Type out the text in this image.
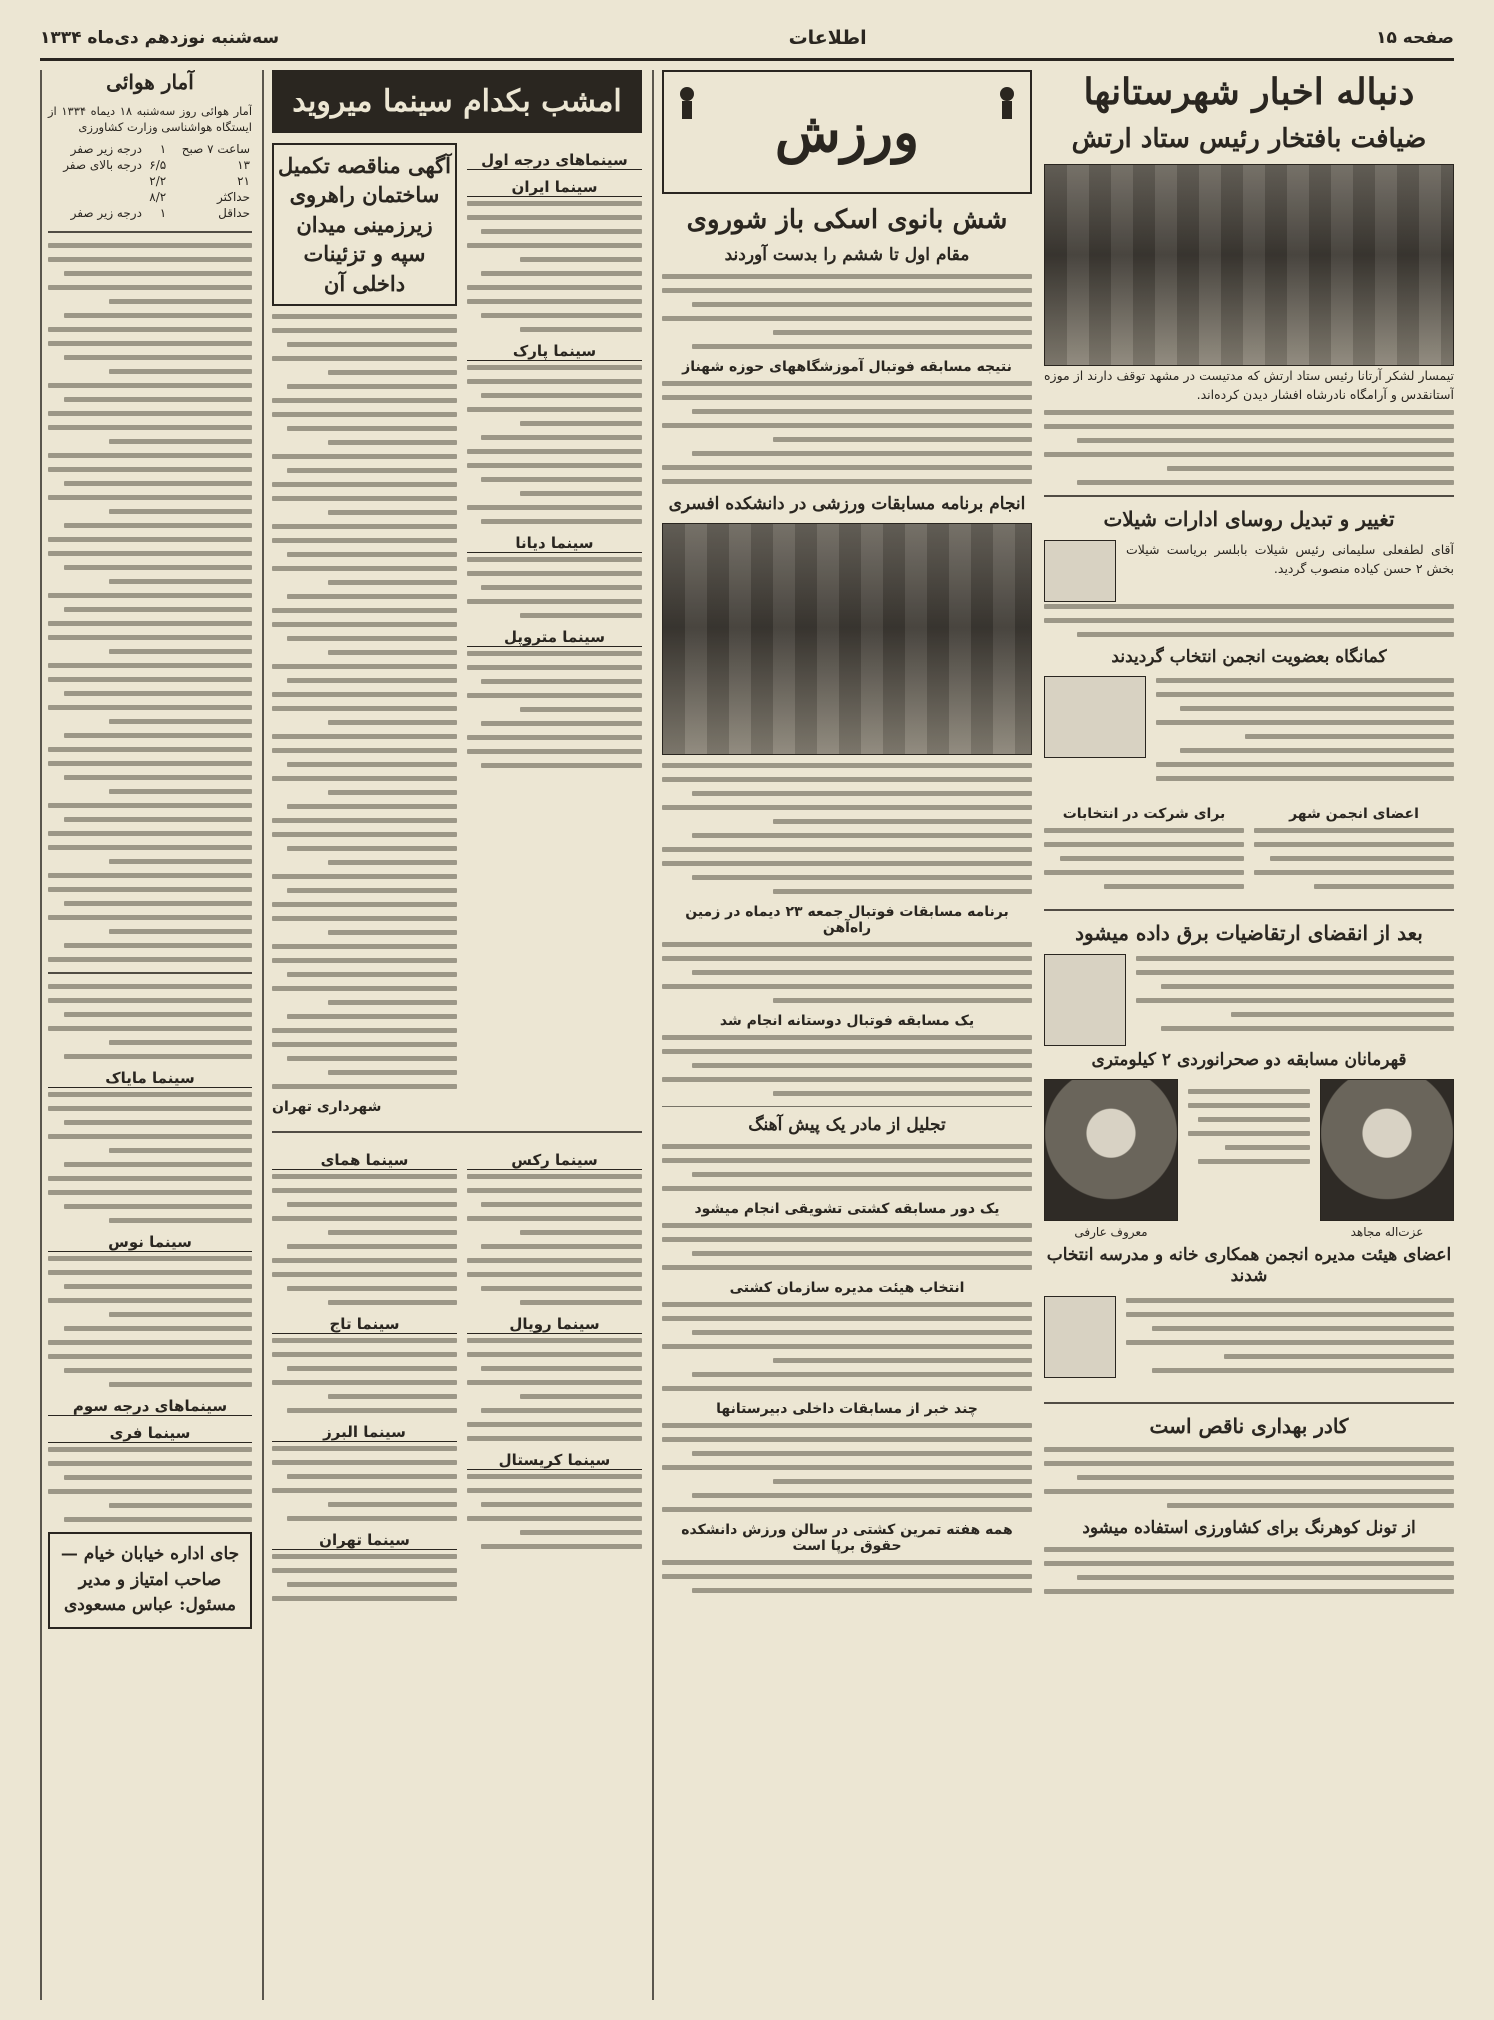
صفحه ۱۵
اطلاعات
سه‌شنبه نوزدهم دی‌ماه ۱۳۳۴
دنباله اخبار شهرستانها
ضیافت بافتخار رئیس ستاد ارتش

تیمسار لشکر آرتانا رئیس ستاد ارتش که مدتیست در مشهد توقف دارند از موزه آستانقدس و آرامگاه نادرشاه افشار دیدن کرده‌اند.

تغییر و تبدیل روسای ادارات شیلات

آقای لطفعلی سلیمانی رئیس شیلات بابلسر بریاست شیلات بخش ۲ حسن کیاده منصوب گردید.

کمانگاه بعضویت انجمن انتخاب گردیدند
اعضای انجمن شهر
برای شرکت در انتخابات
بعد از انقضای ارتقاضیات برق داده میشود
قهرمانان مسابقه دو صحرانوردی ۲ کیلومتری
عزت‌اله مجاهد
معروف عارفی
اعضای هیئت مدیره انجمن همکاری خانه و مدرسه انتخاب شدند
کادر بهداری ناقص است
از تونل کوهرنگ برای کشاورزی استفاده میشود
ورزش
شش بانوی اسکی باز شوروی
مقام اول تا ششم را بدست آوردند
نتیجه مسابقه فوتبال آموزشگاههای حوزه شهناز
انجام برنامه مسابقات ورزشی در دانشکده افسری
برنامه مسابقات فوتبال جمعه ۲۳ دیماه در زمین راه‌آهن
یک مسابقه فوتبال دوستانه انجام شد
تجلیل از مادر یک پیش آهنگ
یک دور مسابقه کشتی تشویقی انجام میشود
انتخاب هیئت مدیره سازمان کشتی
چند خبر از مسابقات داخلی دبیرستانها
همه هفته تمرین کشتی در سالن ورزش دانشکده حقوق برپا است
امشب بکدام سینما میروید
سینماهای درجه اول
سینما ایران
سینما پارک
سینما دیانا
سینما متروپل
آگهی مناقصه تکمیل ساختمان راهروی زیرزمینی میدان سپه و تزئینات داخلی آن
شهرداری تهران
سینما رکس
سینما رویال
سینما کریستال
سینما همای
سینما تاج
سینما البرز
سینما تهران
آمار هوائی

آمار هوائی روز سه‌شنبه ۱۸ دیماه ۱۳۳۴ از ایستگاه هواشناسی وزارت کشاورزی

ساعت ۷ صبح	۱	درجه زیر صفر
۱۳	۶/۵	درجه بالای صفر
۲۱	۲/۲	
حداکثر	۸/۲	
حداقل	۱	درجه زیر صفر
سینما مایاک
سینما نوس
سینماهای درجه سوم
سینما فری
جای اداره خیابان خیام — صاحب امتیاز و مدیر مسئول: عباس مسعودی
